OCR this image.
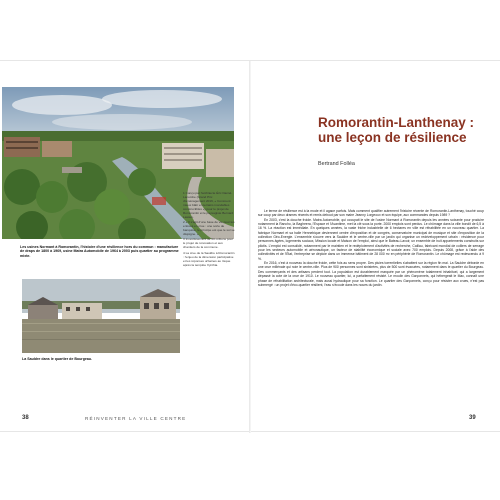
Les usines Normant à Romorantin, l'histoire d'une résilience hors du commun : manufacture de draps de 1800 à 1969, usine Matra Automobile de 1964 à 2003 puis quartier au programme mixte.
La Sauldre dans le quartier de Bourgeau.

1 Conçu par l'architecte Éric Daniel-Lacombe (Grand Prix d'aménagement 2016, « Comment mieux bâtir en terrains inondables constructibles ») pour le projet de Romorantin et le paysagiste Bernard Lassus.

2 « Il s'agit d'une base de vie pour les entrées en crue : une sorte de banquise, le principe est que le sol se disjoigne. »

3 Investissement de 60 millions pour le projet de rénovation et aux chantiers de la commune.

4 La crue de la Sauldre à Romorantin : l'enjeu de la dimension participative et les réponses urbaines au risque après la tempête Xynthia.

38	RÉINVENTER LA VILLE CENTRE
Romorantin-Lanthenay : une leçon de résilience
Bertrand Folléa

Le terme de résilience est à la mode et il agace parfois. Mais comment qualifier autrement l'histoire récente de Romorantin-Lanthenay, touché coup sur coup par deux drames récents et remis debout par son maire Jeanny Lorgeoux et son équipe, aux commandes depuis 1989 ?

En 2003, c'est la douche froide. Matra Automobile, qui occupait le site de l'usine Normant à Romorantin depuis les années soixante pour produire notamment la Rancho, la Bagheera, l'Espace et l'Avantime, met la clé sous la porte. 2000 emplois sont perdus. Le chômage dans la ville bondit de 6,5 à 16 %. La réaction est immédiate. En quelques années, la vaste friche industrielle de 6 hectares en ville est réhabilitée en un nouveau quartier. La fabrique Normant et sa halle Hennebique deviennent centre d'exposition et de congrès, conservatoire municipal de musique et site d'exposition de la collection Géo-Energie. L'ensemble s'ouvre vers la Sauldre et le centre-ville par un jardin qui organise un redéveloppement urbain : résidence pour personnes âgées, logements sociaux, Mission locale et Maison de l'emploi, ainsi que le Bateau-Lavoir, un ensemble de huit appartements construits sur pilotis. L'emploi est consolidé, notamment par le maintien et le redéploiement d'activités de recherche, Caillau, fabricant mondial de colliers de serrage pour les secteurs automobile et aéronautique, un facteur de stabilité économique et sociale avec 700 emplois. Depuis 2008, grâce à l'aide des collectivités et de l'État, l'entreprise se déploie dans un immense bâtiment de 28 000 m² en périphérie de Romorantin. Le chômage est redescendu à 9 %.

En 2016, c'est à nouveau la douche froide, cette fois au sens propre. Des pluies torrentielles s'abattent sur la région fin mai. La Sauldre déborde en une crue millénale qui noie le centre-ville. Plus de 900 personnes sont sinistrées, plus de 500 sont évacuées, notamment dans le quartier du Bourgeau. Des commerçants et des artisans perdent tout. La population est durablement marquée par un phénomène totalement inhabituel, qui a largement dépassé la cote de la crue de 1910. Le nouveau quartier, lui, a parfaitement résisté. Le moulin des Garçonnets, qui hébergeait le Mac, connaît une phase de réhabilitation architecturale, mais aussi hydraulique pour sa fonction. Le quartier des Garçonnets, conçu pour résister aux crues, n'est pas submergé : un projet d'éco-quartier résilient, l'eau s'écoule dans les noues du jardin.

39
